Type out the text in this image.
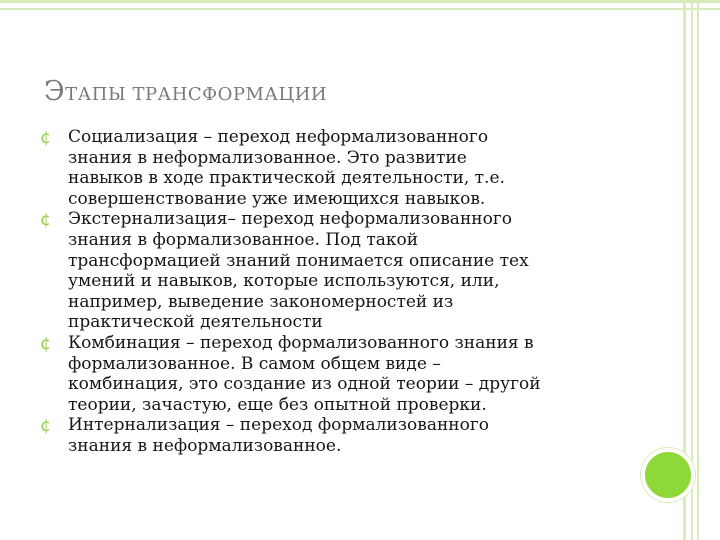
ЭТАПЫ ТРАНСФОРМАЦИИ
¢ Социализация – переход неформализованного
знания в неформализованное. Это развитие
навыков в ходе практической деятельности, т.е.
совершенствование уже имеющихся навыков.
¢ Экстернализация– переход неформализованного
знания в формализованное. Под такой
трансформацией знаний понимается описание тех
умений и навыков, которые используются, или,
например, выведение закономерностей из
практической деятельности
¢ Комбинация – переход формализованного знания в
формализованное. В самом общем виде –
комбинация, это создание из одной теории – другой
теории, зачастую, еще без опытной проверки.
¢ Интернализация – переход формализованного
знания в неформализованное.
